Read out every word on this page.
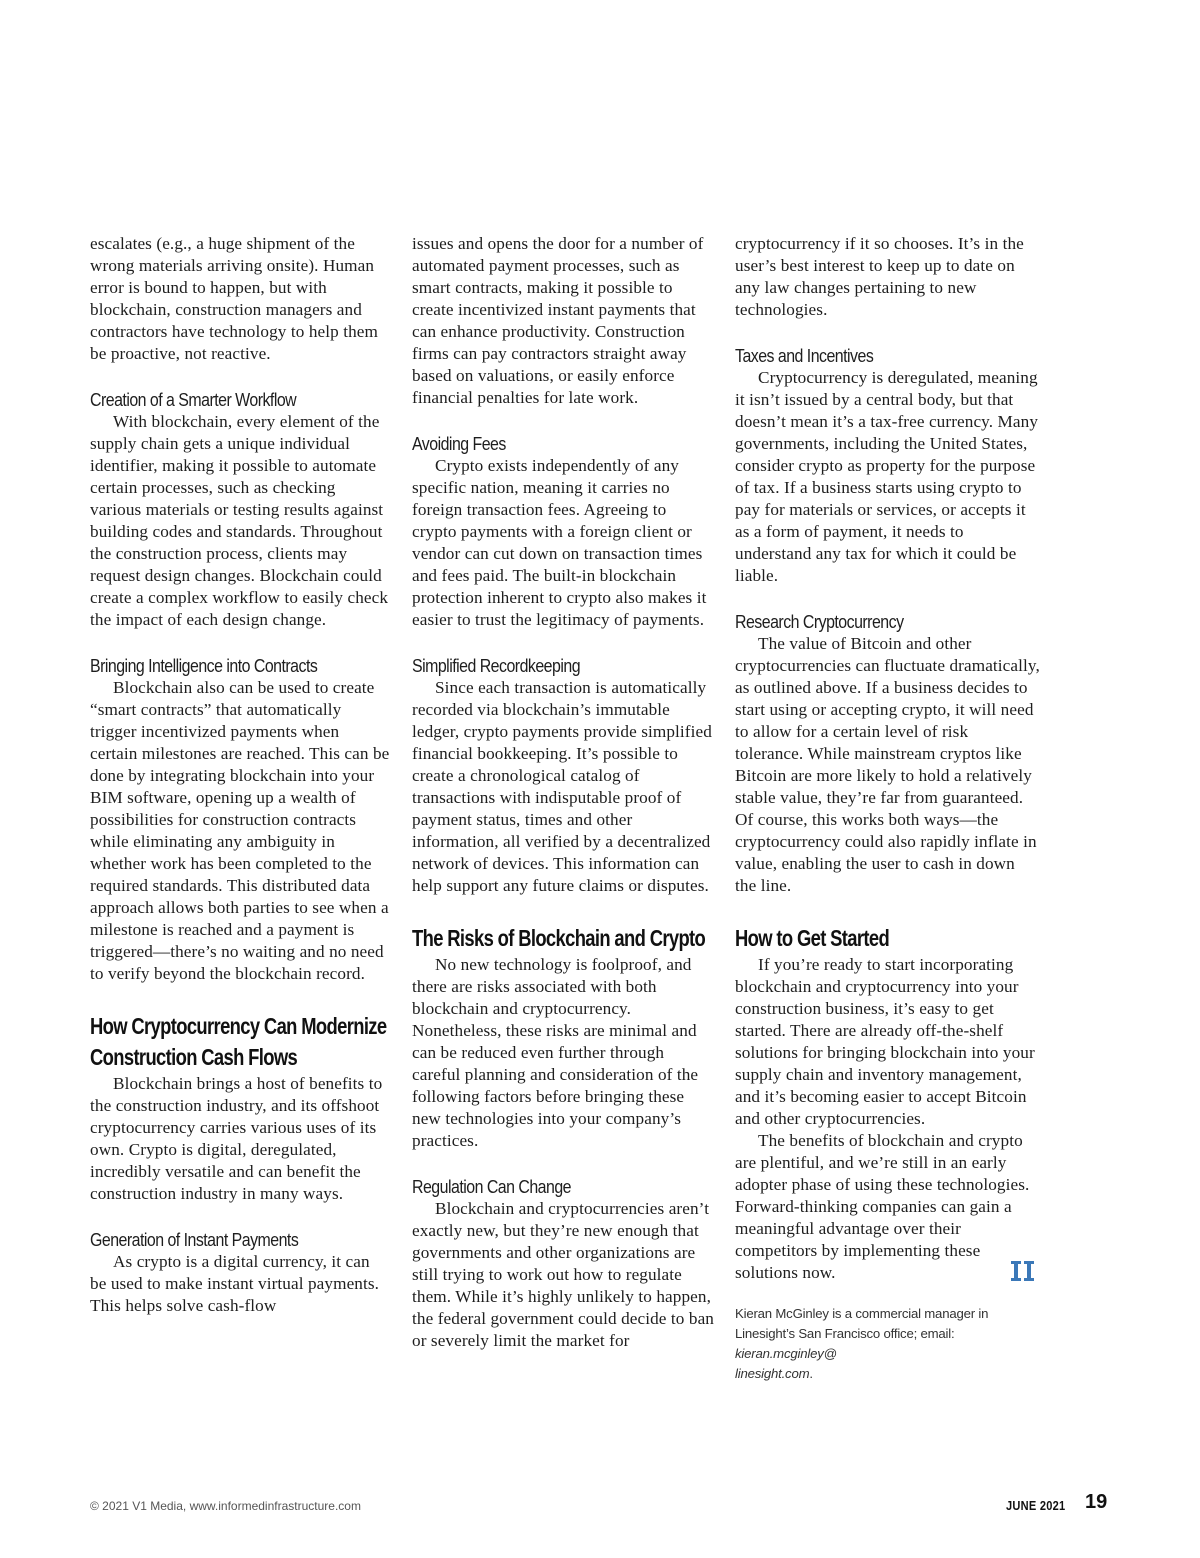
escalates (e.g., a huge shipment of the wrong materials arriving onsite). Human error is bound to happen, but with blockchain, construction managers and contractors have technology to help them be proactive, not reactive.

Creation of a Smarter Workflow

With blockchain, every element of the supply chain gets a unique individual identifier, making it possible to automate certain processes, such as checking various materials or testing results against building codes and standards. Throughout the construction process, clients may request design changes. Blockchain could create a complex workflow to easily check the impact of each design change.

Bringing Intelligence into Contracts

Blockchain also can be used to create “smart contracts” that automatically trigger incentivized payments when certain milestones are reached. This can be done by integrating blockchain into your BIM software, opening up a wealth of possibilities for construction contracts while eliminating any ambiguity in whether work has been completed to the required standards. This distributed data approach allows both parties to see when a milestone is reached and a payment is triggered—there’s no waiting and no need to verify beyond the blockchain record.

How Cryptocurrency Can Modernize
Construction Cash Flows

Blockchain brings a host of benefits to the construction industry, and its offshoot cryptocurrency carries various uses of its own. Crypto is digital, deregulated, incredibly versatile and can benefit the construction industry in many ways.

Generation of Instant Payments

As crypto is a digital currency, it can be used to make instant virtual payments. This helps solve cash-flow

issues and opens the door for a number of automated payment processes, such as smart contracts, making it possible to create incentivized instant payments that can enhance productivity. Construction firms can pay contractors straight away based on valuations, or easily enforce financial penalties for late work.

Avoiding Fees

Crypto exists independently of any specific nation, meaning it carries no foreign transaction fees. Agreeing to crypto payments with a foreign client or vendor can cut down on transaction times and fees paid. The built-in blockchain protection inherent to crypto also makes it easier to trust the legitimacy of payments.

Simplified Recordkeeping

Since each transaction is automatically recorded via blockchain’s immutable ledger, crypto payments provide simplified financial bookkeeping. It’s possible to create a chronological catalog of transactions with indisputable proof of payment status, times and other information, all verified by a decentralized network of devices. This information can help support any future claims or disputes.

The Risks of Blockchain and Crypto

No new technology is foolproof, and there are risks associated with both blockchain and cryptocurrency. Nonetheless, these risks are minimal and can be reduced even further through careful planning and consideration of the following factors before bringing these new technologies into your company’s practices.

Regulation Can Change

Blockchain and cryptocurrencies aren’t exactly new, but they’re new enough that governments and other organizations are still trying to work out how to regulate them. While it’s highly unlikely to happen, the federal government could decide to ban or severely limit the market for

cryptocurrency if it so chooses. It’s in the user’s best interest to keep up to date on any law changes pertaining to new technologies.

Taxes and Incentives

Cryptocurrency is deregulated, meaning it isn’t issued by a central body, but that doesn’t mean it’s a tax-free currency. Many governments, including the United States, consider crypto as property for the purpose of tax. If a business starts using crypto to pay for materials or services, or accepts it as a form of payment, it needs to understand any tax for which it could be liable.

Research Cryptocurrency

The value of Bitcoin and other cryptocurrencies can fluctuate dramatically, as outlined above. If a business decides to start using or accepting crypto, it will need to allow for a certain level of risk tolerance. While mainstream cryptos like Bitcoin are more likely to hold a relatively stable value, they’re far from guaranteed. Of course, this works both ways—the cryptocurrency could also rapidly inflate in value, enabling the user to cash in down the line.

How to Get Started

If you’re ready to start incorporating blockchain and cryptocurrency into your construction business, it’s easy to get started. There are already off-the-shelf solutions for bringing blockchain into your supply chain and inventory management, and it’s becoming easier to accept Bitcoin and other cryptocurrencies.

The benefits of blockchain and crypto are plentiful, and we’re still in an early adopter phase of using these technologies. Forward-thinking companies can gain a meaningful advantage over their competitors by implementing these solutions now.

Kieran McGinley is a commercial manager in Linesight’s San Francisco office; email: kieran.mcginley@
linesight.com.
© 2021 V1 Media, www.informedinfrastructure.com	JUNE 2021 19
